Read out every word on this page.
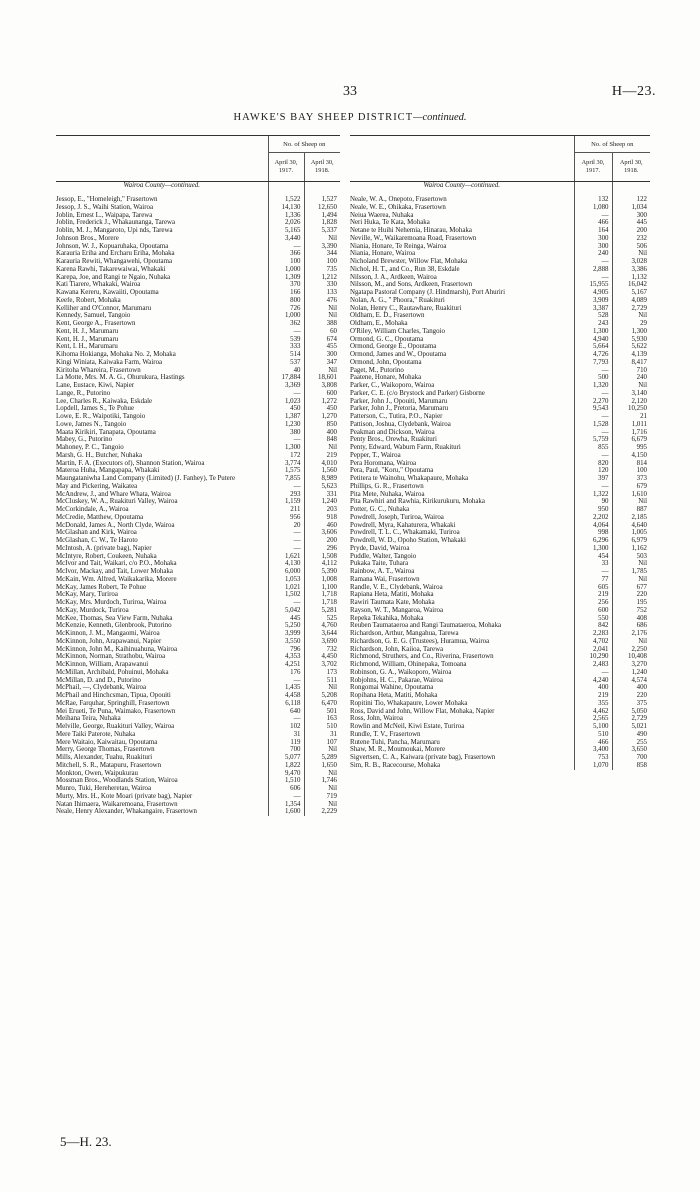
33	H—23.
HAWKE'S BAY SHEEP DISTRICT—continued.
	No. of Sheep on	
	April 30, 1917.	April 30, 1918.
Wairoa County—continued.		
Jessop, E., "Homeleigh," Frasertown	1,522	1,527
Jessop, J. S., Waihi Station, Wairoa	14,130	12,650
Joblin, Ernest L., Waipapa, Tarewa	1,336	1,494
Joblin, Frederick J., Whakaunanga, Tarewa	2,026	1,828
Joblin, M. J., Mangaroto, Upi nds, Tarewa	5,165	5,337
Johnson Bros., Morere	3,440	Nil
Johnson, W. J., Kopuaruhaka, Opoutama	—	3,390
Karauria Eriha and Ercharu Eriha, Mohaka	366	344
Karauria Rewiti, Whangawehi, Opoutama	100	100
Karena Rawhi, Takarewaiwai, Whakaki	1,000	735
Karepa, Joe, and Rangi te Ngaio, Nuhaka	1,309	1,212
Kati Tiarere, Whakaki, Wairoa	370	330
Kawana Kereru, Kawaiiti, Opoutama	166	133
Keefe, Robert, Mohaka	800	476
Kelliher and O'Connor, Marumaru	726	Nil
Kennedy, Samuel, Tangoio	1,000	Nil
Kent, George A., Frasertown	362	388
Kent, H. J., Marumaru	—	60
Kent, H. J., Marumaru	539	674
Kent, I. H., Marumaru	333	455
Kihoma Hokianga, Mohaka No. 2, Mohaka	514	300
Kingi Winiata, Kaiwaka Farm, Wairoa	537	347
Kiritoha Whareira, Frasertown	40	Nil
La Motte, Mrs. M. A. G., Ohurukura, Hastings	17,884	18,601
Lane, Eustace, Kiwi, Napier	3,369	3,808
Lange, R., Putorino	—	600
Lee, Charles R., Kaiwaka, Eskdale	1,023	1,272
Lopdell, James S., Te Pohue	450	450
Lowe, E. R., Waipotiki, Tangoio	1,387	1,270
Lowe, James N., Tangoio	1,230	850
Maata Kirikiri, Tanapata, Opoutama	380	400
Mabey, G., Putorino	—	848
Mahoney, P. C., Tangoio	1,300	Nil
Marsh, G. H., Butcher, Nuhaka	172	219
Martin, F. A. (Executors of), Shannon Station, Wairoa	3,774	4,010
Materoa Huha, Mangapapa, Whakaki	1,575	1,560
Maungataniwha Land Company (Limited) (J. Fanhey), Te Putere	7,855	8,989
May and Pickering, Waikatea	—	5,623
McAndrew, J., and Whare Whata, Wairoa	293	331
McCluskey, W. A., Ruakituri Valley, Wairoa	1,159	1,240
McCorkindale, A., Wairoa	211	203
McCredie, Matthew, Opoutama	956	918
McDonald, James A., North Clyde, Wairoa	20	460
McGlashan and Kirk, Wairoa	—	3,606
McGlashan, C. W., Te Haroto	—	200
McIntosh, A. (private bag), Napier	—	296
McIntyre, Robert, Coukeen, Nuhaka	1,621	1,508
McIvor and Tait, Waikari, c/o P.O., Mohaka	4,130	4,112
McIvor, Mackay, and Tait, Lower Mohaka	6,000	5,390
McKain, Wm. Alfred, Waikakarika, Morere	1,053	1,008
McKay, James Robert, Te Pohue	1,021	1,100
McKay, Mary, Turiroa	1,502	1,718
McKay, Mrs. Murdoch, Turiroa, Wairoa	—	1,718
McKay, Murdock, Turiroa	5,042	5,281
McKee, Thomas, Sea View Farm, Nuhaka	445	525
McKenzie, Kenneth, Glenbrook, Putorino	5,250	4,760
McKinnon, J. M., Mangaomi, Wairoa	3,999	3,644
McKinnon, John, Arapawanui, Napier	3,550	3,690
McKinnon, John M., Kaihinuahuna, Wairoa	796	732
McKinnon, Norman, Strathobu, Wairoa	4,353	4,450
McKinnon, William, Arapawanui	4,251	3,702
McMillan, Archibald, Pohuinui, Mohaka	176	173
McMillan, D. and D., Putorino	—	511
McPhail, —, Clydebank, Wairoa	1,435	Nil
McPhail and Hinchcsman, Tipua, Opouiti	4,458	5,208
McRae, Farquhar, Springhill, Frasertown	6,118	6,470
Mei Erueti, Te Puna, Waimako, Frasertown	640	501
Meihana Teira, Nuhaka	—	163
Melville, George, Ruakituri Valley, Wairoa	102	510
Mere Taiki Paterote, Nuhaka	31	31
Mere Waitaio, Kaiwaitau, Opoutama	119	107
Merry, George Thomas, Frasertown	700	Nil
Mills, Alexander, Tuahu, Ruakituri	5,077	5,289
Mitchell, S. R., Matapuru, Frasertown	1,822	1,650
Monkton, Owen, Waipukurau	9,470	Nil
Mossman Bros., Woodlands Station, Wairoa	1,510	1,746
Munro, Tuki, Hereheretau, Wairoa	606	Nil
Murty, Mrs. H., Kote Moari (private bag), Napier	—	719
Natan Ihimaera, Waikaremoana, Frasertown	1,354	Nil
Neale, Henry Alexander, Whakangaire, Frasertown	1,600	2,229
	No. of Sheep on	
	April 30, 1917.	April 30, 1918.
Wairoa County—continued.		
Neale, W. A., Onepoto, Frasertown	132	122
Neale, W. E., Ohikaka, Frasertown	1,080	1,034
Neiua Waerea, Nuhaka	—	300
Neri Huka, Te Kata, Mohaka	466	445
Netane te Huihi Nehemia, Hinarau, Mohaka	164	200
Neville, W., Waikaremoana Road, Frasertown	300	232
Niania, Honare, Te Reinga, Wairoa	300	506
Niania, Honare, Wairoa	240	Nil
Nicholand Brewster, Willow Flat, Mohaka	—	3,028
Nichol, H. T., and Co., Run 38, Eskdale	2,888	3,386
Nilsson, J. A., Ardkeen, Wairoa	—	1,132
Nilsson, M., and Sons, Ardkeen, Frasertown	15,955	16,042
Ngatapa Pastoral Company (J. Hindmarsh), Port Ahuriri	4,905	5,167
Nolan, A. G., " Phoora," Ruakituri	3,909	4,089
Nolan, Henry C., Rautawhare, Ruakituri	3,387	2,729
Oldham, E. D., Frasertown	528	Nil
Oldham, E., Mohaka	243	29
O'Riley, William Charles, Tangoio	1,300	1,300
Ormond, G. C., Opoutama	4,940	5,930
Ormond, George E., Opoutama	5,664	5,622
Ormond, James and W., Opoutama	4,726	4,139
Ormond, John, Opoutama	7,793	8,417
Paget, M., Putorino	—	710
Paatene, Honare, Mohaka	500	240
Parker, C., Waikoporo, Wairoa	1,320	Nil
Parker, C. E. (c/o Brystock and Parker) Gisborne	—	3,140
Parker, John J., Opouiti, Marumaru	2,270	2,120
Parker, John J., Pretoria, Marumaru	9,543	10,250
Patterson, C., Tutira, P.O., Napier	—	21
Pattison, Joshua, Clydebank, Wairoa	1,528	1,011
Peakman and Dickson, Wairoa	—	1,716
Penty Bros., Orewha, Ruakituri	5,759	6,679
Penty, Edward, Waburn Farm, Ruakituri	855	995
Pepper, T., Wairoa	—	4,150
Pera Horomana, Wairoa	820	814
Pera, Paul, "Koru," Opoutama	120	100
Petitera te Wainohu, Whakapaure, Mohaka	397	373
Phillips, G. R., Frasertown	—	679
Pita Mete, Nuhaka, Wairoa	1,322	1,610
Pita Rawhiri and Rawhia, Kirikurukuru, Mohaka	90	Nil
Potter, G. C., Nuhaka	950	887
Powdrell, Joseph, Turiroa, Wairoa	2,202	2,185
Powdrell, Myra, Kahaturera, Whakaki	4,064	4,640
Powdrell, T. L. C., Whakamaki, Turiroa	998	1,005
Powdrell, W. D., Opoho Station, Whakaki	6,296	6,979
Pryde, David, Wairoa	1,300	1,162
Puddle, Walter, Tangoio	454	503
Pukaka Taite, Tuhara	33	Nil
Rainbow, A. T., Wairoa	—	1,785
Ramana Wai, Frasertown	77	Nil
Randle, V. E., Clydebank, Wairoa	605	677
Rapiana Heta, Matiti, Mohaka	219	220
Rawiri Taumata Kate, Mohaka	256	195
Rayson, W. T., Mangaroa, Wairoa	600	752
Repeka Tekahika, Mohaka	550	408
Reuben Taumataeroa and Rangi Taumataeroa, Mohaka	842	686
Richardson, Arthur, Mangahua, Tarewa	2,283	2,176
Richardson, G. E. G. (Trustees), Huramua, Wairoa	4,702	Nil
Richardson, John, Kaiioa, Tarewa	2,041	2,250
Richmond, Struthers, and Co., Riverina, Frasertown	10,290	10,408
Richmond, William, Ohinepaka, Tomoana	2,483	3,270
Robinson, G. A., Waikoporo, Wairoa	—	1,240
Robjohns, H. C., Pakarae, Wairoa	4,240	4,574
Rongomai Wahine, Opoutama	400	400
Ropihana Heta, Matiti, Mohaka	219	220
Ropitini Tio, Whakapaure, Lower Mohaka	355	375
Ross, David and John, Willow Flat, Mohaka, Napier	4,462	5,050
Ross, John, Wairoa	2,565	2,729
Rowlin and McNeil, Kiwi Estate, Turiroa	5,100	5,021
Rundle, T. V., Frasertown	510	490
Rutene Tuhi, Pancha, Marumaru	466	255
Shaw, M. R., Moumoukai, Morere	3,400	3,650
Sigvertsen, C. A., Kaiwara (private bag), Frasertown	753	700
Sim, R. B., Racecourse, Mohaka	1,070	858
5—H. 23.
